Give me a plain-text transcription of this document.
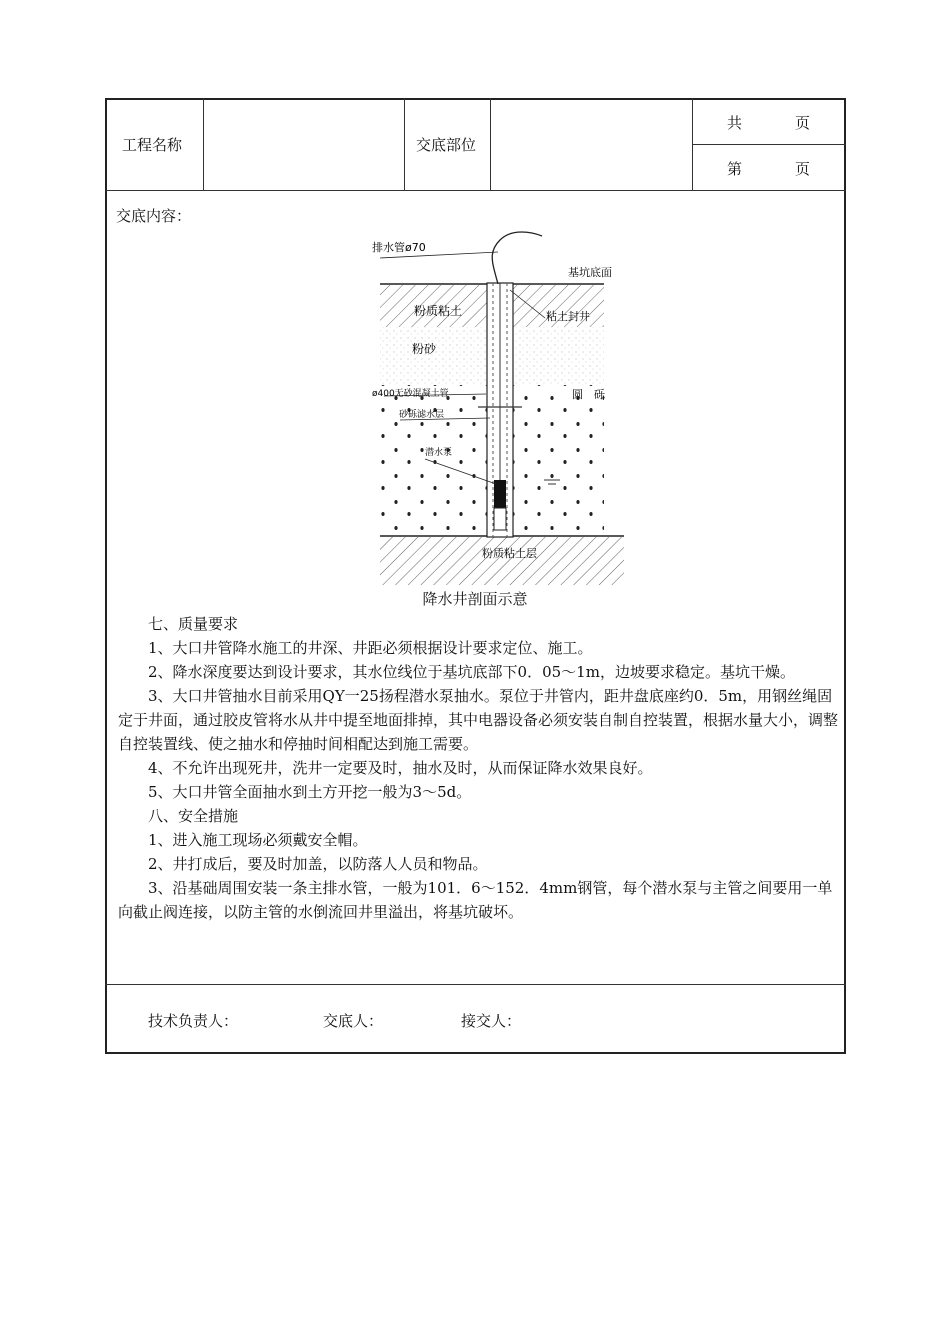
工程名称	交底部位
共	页
第	页
交底内容：
排水管ø70
基坑底面
粉质粘土	粘土封井
粉砂
ø400无砂混凝土管	圆　砾
砂砾滤水层
潜水泵
粉质粘土层
降水井剖面示意

七、质量要求

1、大口井管降水施工的井深、井距必须根据设计要求定位、施工。

2、降水深度要达到设计要求，其水位线位于基坑底部下0．05～1m，边坡要求稳定。基坑干燥。

3、大口井管抽水目前采用QY一25扬程潜水泵抽水。泵位于井管内，距井盘底座约0．5m，用钢丝绳固定于井面，通过胶皮管将水从井中提至地面排掉，其中电器设备必须安装自制自控装置，根据水量大小，调整自控装置线、使之抽水和停抽时间相配达到施工需要。

4、不允许出现死井，洗井一定要及时，抽水及时，从而保证降水效果良好。

5、大口井管全面抽水到土方开挖一般为3～5d。

八、安全措施

1、进入施工现场必须戴安全帽。

2、井打成后，要及时加盖，以防落人人员和物品。

3、沿基础周围安装一条主排水管，一般为101．6～152．4mm钢管，每个潜水泵与主管之间要用一单向截止阀连接，以防主管的水倒流回井里溢出，将基坑破坏。

技术负责人：	交底人：	接交人：
